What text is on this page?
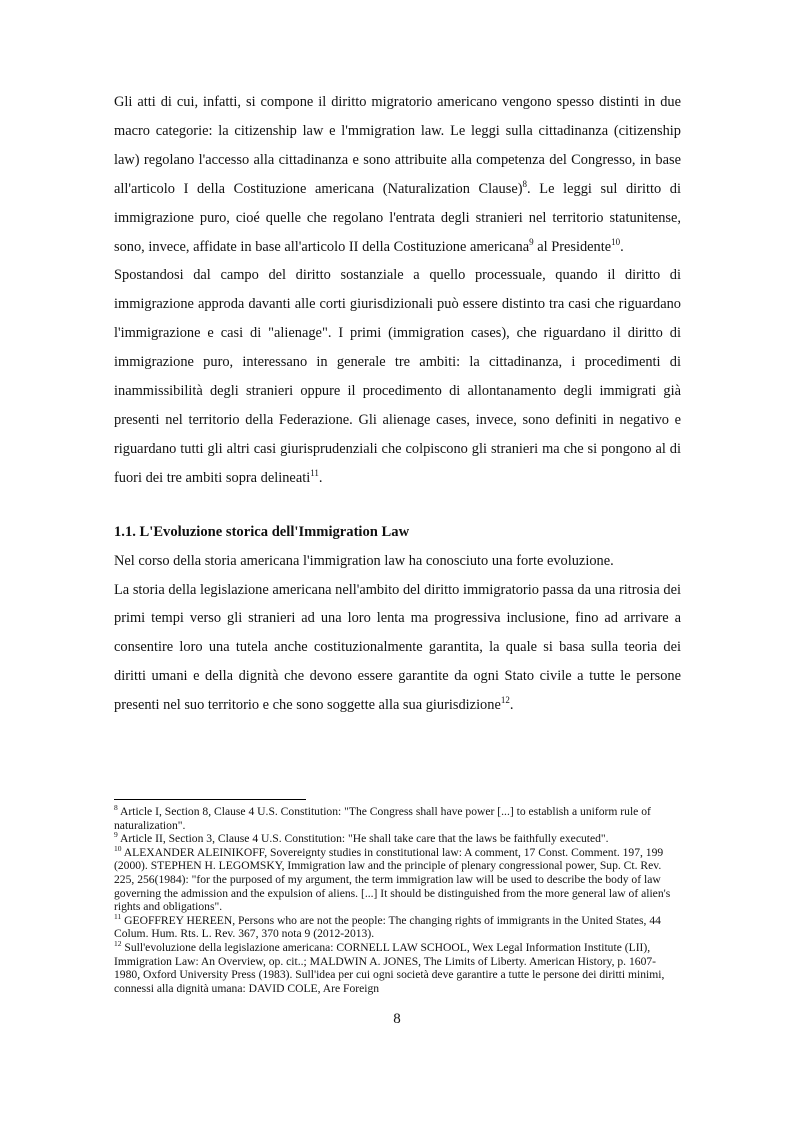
Gli atti di cui, infatti, si compone il diritto migratorio americano vengono spesso distinti in due macro categorie: la citizenship law e l'mmigration law. Le leggi sulla cittadinanza (citizenship law) regolano l'accesso alla cittadinanza e sono attribuite alla competenza del Congresso, in base all'articolo I della Costituzione americana (Naturalization Clause)$^8$. Le leggi sul diritto di immigrazione puro, cioé quelle che regolano l'entrata degli stranieri nel territorio statunitense, sono, invece, affidate in base all'articolo II della Costituzione americana$^9$ al Presidente$^{10}$.

Spostandosi dal campo del diritto sostanziale a quello processuale, quando il diritto di immigrazione approda davanti alle corti giurisdizionali può essere distinto tra casi che riguardano l'immigrazione e casi di "alienage". I primi (immigration cases), che riguardano il diritto di immigrazione puro, interessano in generale tre ambiti: la cittadinanza, i procedimenti di inammissibilità degli stranieri oppure il procedimento di allontanamento degli immigrati già presenti nel territorio della Federazione. Gli alienage cases, invece, sono definiti in negativo e riguardano tutti gli altri casi giurisprudenziali che colpiscono gli stranieri ma che si pongono al di fuori dei tre ambiti sopra delineati$^{11}$.

1.1. L'Evoluzione storica dell'Immigration Law

Nel corso della storia americana l'immigration law ha conosciuto una forte evoluzione.

La storia della legislazione americana nell'ambito del diritto immigratorio passa da una ritrosia dei primi tempi verso gli stranieri ad una loro lenta ma progressiva inclusione, fino ad arrivare a consentire loro una tutela anche costituzionalmente garantita, la quale si basa sulla teoria dei diritti umani e della dignità che devono essere garantite da ogni Stato civile a tutte le persone presenti nel suo territorio e che sono soggette alla sua giurisdizione$^{12}$.

$^8$ Article I, Section 8, Clause 4 U.S. Constitution: "The Congress shall have power [...] to establish a uniform rule of naturalization".

$^9$ Article II, Section 3, Clause 4 U.S. Constitution: "He shall take care that the laws be faithfully executed".

$^{10}$ ALEXANDER ALEINIKOFF, Sovereignty studies in constitutional law: A comment, 17 Const. Comment. 197, 199 (2000). STEPHEN H. LEGOMSKY, Immigration law and the principle of plenary congressional power, Sup. Ct. Rev. 225, 256(1984): "for the purposed of my argument, the term immigration law will be used to describe the body of law governing the admission and the expulsion of aliens. [...] It should be distinguished from the more general law of alien's rights and obligations".

$^{11}$ GEOFFREY HEREEN, Persons who are not the people: The changing rights of immigrants in the United States, 44 Colum. Hum. Rts. L. Rev. 367, 370 nota 9 (2012-2013).

$^{12}$ Sull'evoluzione della legislazione americana: CORNELL LAW SCHOOL, Wex Legal Information Institute (LII), Immigration Law: An Overview, op. cit..; MALDWIN A. JONES, The Limits of Liberty. American History, p. 1607-1980, Oxford University Press (1983). Sull'idea per cui ogni società deve garantire a tutte le persone dei diritti minimi, connessi alla dignità umana: DAVID COLE, Are Foreign

8
